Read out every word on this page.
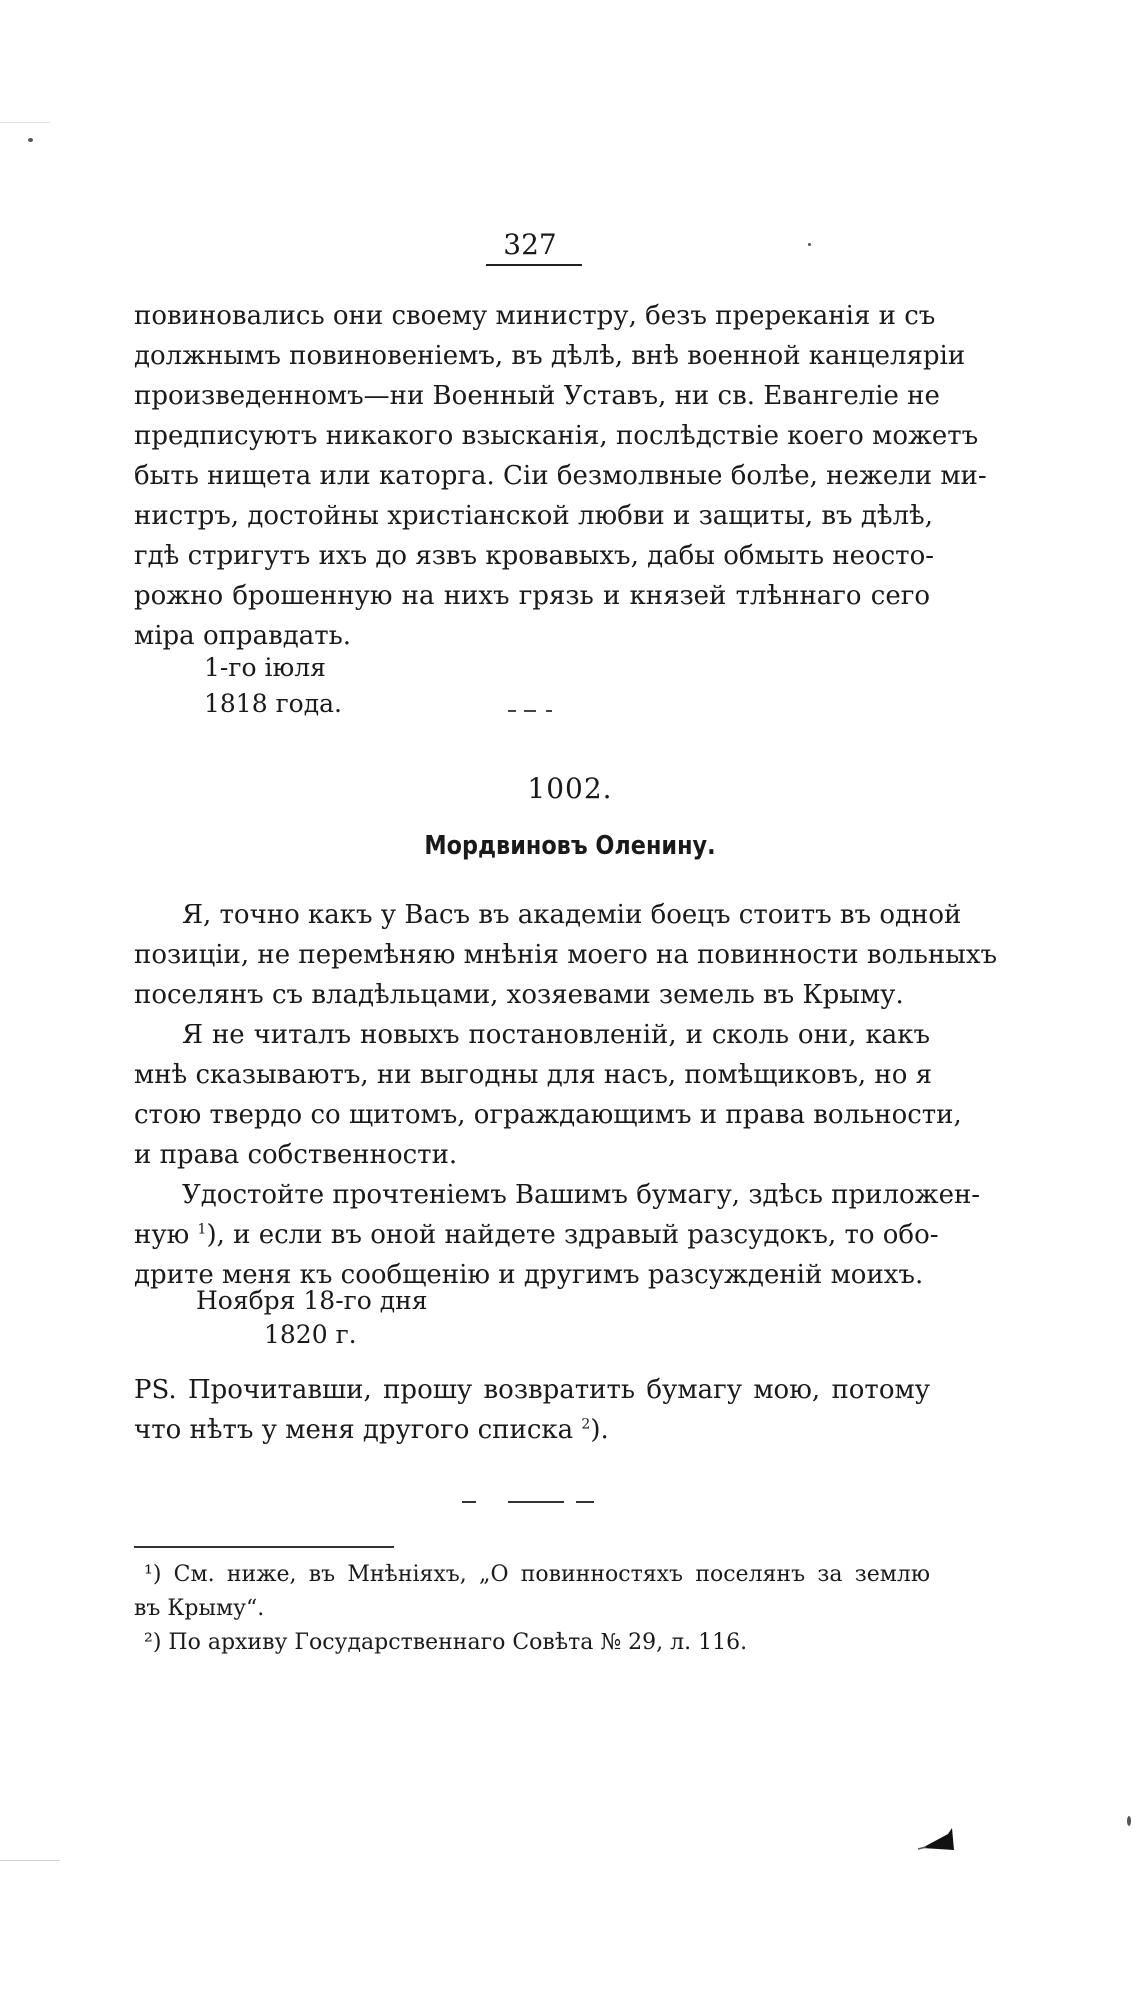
327
повиновались они своему министру, безъ пререканія и съ
должнымъ повиновеніемъ, въ дѣлѣ, внѣ военной канцеляріи
произведенномъ—ни Военный Уставъ, ни св. Евангеліе не
предписуютъ никакого взысканія, послѣдствіе коего можетъ
быть нищета или каторга. Сіи безмолвные болѣе, нежели ми-
нистръ, достойны христіанской любви и защиты, въ дѣлѣ,
гдѣ стригутъ ихъ до язвъ кровавыхъ, дабы обмыть неосто-
рожно брошенную на нихъ грязь и князей тлѣннаго сего
міра оправдать.
1-го іюля
1818 года.
1002.
Мордвиновъ Оленину.
Я, точно какъ у Васъ въ академіи боецъ стоитъ въ одной
позиціи, не перемѣняю мнѣнія моего на повинности вольныхъ
поселянъ съ владѣльцами, хозяевами земель въ Крыму.
Я не читалъ новыхъ постановленій, и сколь они, какъ
мнѣ сказываютъ, ни выгодны для насъ, помѣщиковъ, но я
стою твердо со щитомъ, ограждающимъ и права вольности,
и права собственности.
Удостойте прочтеніемъ Вашимъ бумагу, здѣсь приложен-
ную $^1$), и если въ оной найдете здравый разсудокъ, то обо-
дрите меня къ сообщенію и другимъ разсужденій моихъ.
Ноября 18-го дня
1820 г.
PS. Прочитавши, прошу возвратить бумагу мою, потому
что нѣтъ у меня другого списка $^2$).
¹) См. ниже, въ Мнѣніяхъ, „О повинностяхъ поселянъ за землю
въ Крыму“.
²) По архиву Государственнаго Совѣта № 29, л. 116.
